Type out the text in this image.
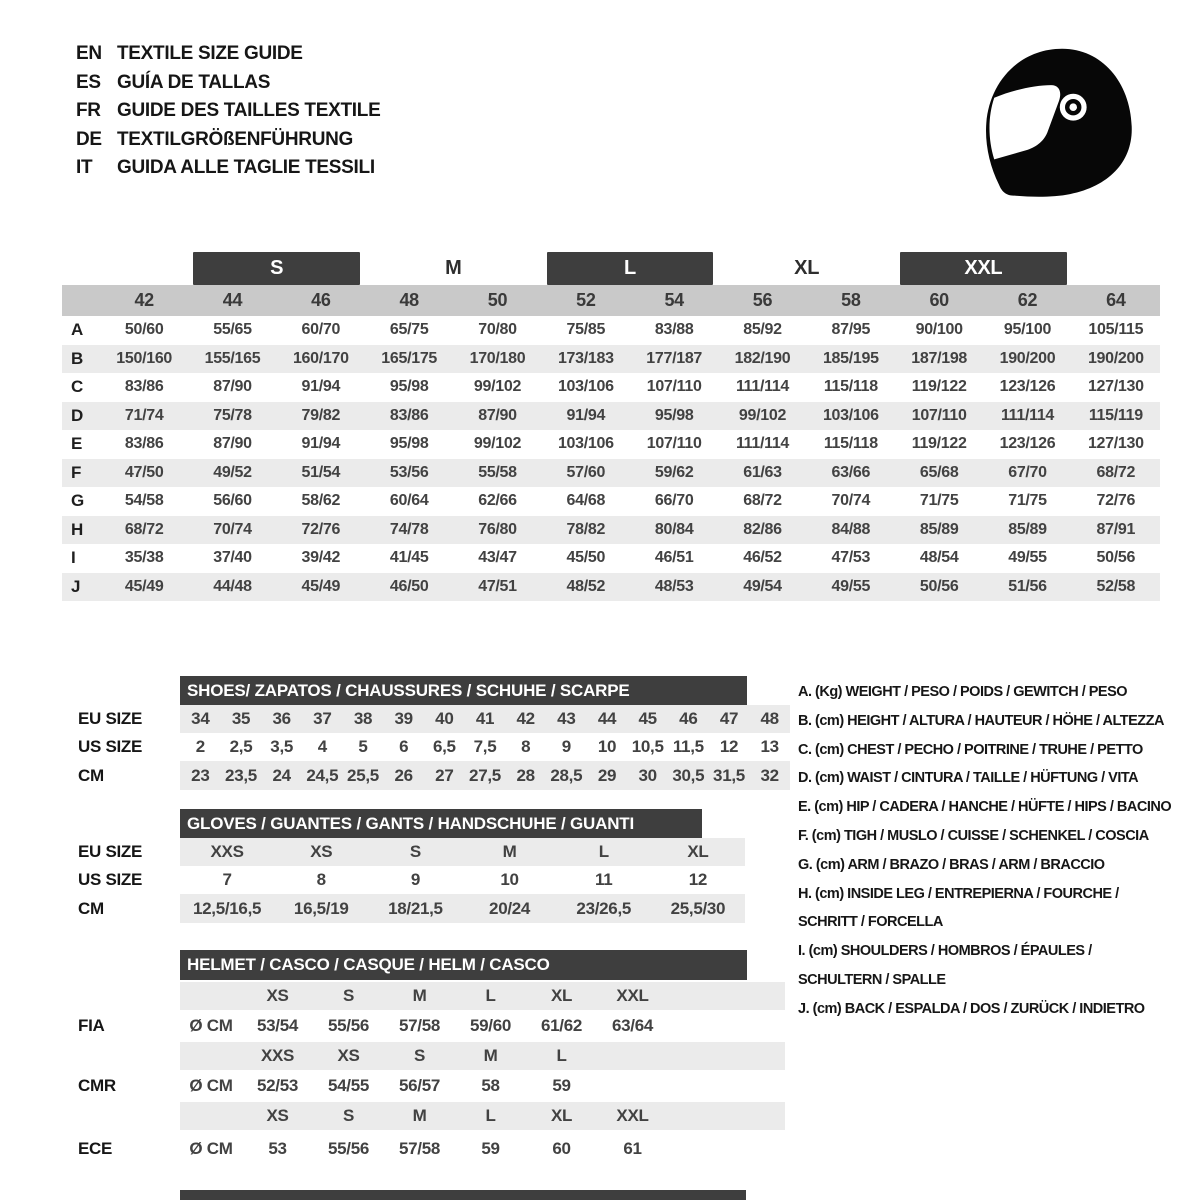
EN TEXTILE SIZE GUIDE
ES GUÍA DE TALLAS
FR GUIDE DES TAILLES TEXTILE
DE TEXTILGRÖßENFÜHRUNG
IT	GUIDA ALLE TAGLIE TESSILI
S	M	L	XL	XXL
42	44	46	48	50	52	54	56	58	60	62	64
A	50/60	55/65	60/70	65/75	70/80	75/85	83/88	85/92	87/95	90/100	95/100	105/115
B	150/160	155/165	160/170	165/175	170/180	173/183	177/187	182/190	185/195	187/198	190/200	190/200
C	83/86	87/90	91/94	95/98	99/102	103/106	107/110	111/114	115/118	119/122	123/126	127/130
D	71/74	75/78	79/82	83/86	87/90	91/94	95/98	99/102	103/106	107/110	111/114	115/119
E	83/86	87/90	91/94	95/98	99/102	103/106	107/110	111/114	115/118	119/122	123/126	127/130
F	47/50	49/52	51/54	53/56	55/58	57/60	59/62	61/63	63/66	65/68	67/70	68/72
G	54/58	56/60	58/62	60/64	62/66	64/68	66/70	68/72	70/74	71/75	71/75	72/76
H	68/72	70/74	72/76	74/78	76/80	78/82	80/84	82/86	84/88	85/89	85/89	87/91
I	35/38	37/40	39/42	41/45	43/47	45/50	46/51	46/52	47/53	48/54	49/55	50/56
J	45/49	44/48	45/49	46/50	47/51	48/52	48/53	49/54	49/55	50/56	51/56	52/58
SHOES/ ZAPATOS / CHAUSSURES / SCHUHE / SCARPE
EU SIZE	34	35	36	37	38	39	40	41	42	43	44	45	46	47	48
US SIZE	2	2,5	3,5	4	5	6	6,5	7,5	8	9	10 10,5 11,5 12	13
CM	23 23,5 24 24,5 25,5 26	27 27,5 28 28,5 29	30 30,5 31,5 32
GLOVES / GUANTES / GANTS / HANDSCHUHE / GUANTI
EU SIZE	XXS	XS	S	M	L	XL
US SIZE	7	8	9	10	11	12
CM	12,5/16,5	16,5/19	18/21,5	20/24	23/26,5	25,5/30
HELMET / CASCO / CASQUE / HELM / CASCO
XS	S	M	L	XL	XXL
FIA	Ø CM	53/54	55/56	57/58	59/60	61/62	63/64
XXS	XS	S	M	L
CMR	Ø CM	52/53	54/55	56/57	58	59
XS	S	M	L	XL	XXL
ECE	Ø CM	53	55/56	57/58	59	60	61
A. (Kg) WEIGHT / PESO / POIDS / GEWITCH / PESO
B. (cm) HEIGHT / ALTURA / HAUTEUR / HÖHE / ALTEZZA
C. (cm) CHEST / PECHO / POITRINE / TRUHE / PETTO
D. (cm) WAIST / CINTURA / TAILLE / HÜFTUNG / VITA
E. (cm) HIP / CADERA / HANCHE / HÜFTE / HIPS / BACINO
F. (cm) TIGH / MUSLO / CUISSE / SCHENKEL / COSCIA
G. (cm) ARM / BRAZO / BRAS / ARM / BRACCIO
H. (cm) INSIDE LEG / ENTREPIERNA / FOURCHE /
SCHRITT / FORCELLA
I. (cm) SHOULDERS / HOMBROS / ÉPAULES /
SCHULTERN / SPALLE
J. (cm) BACK / ESPALDA / DOS / ZURÜCK / INDIETRO
